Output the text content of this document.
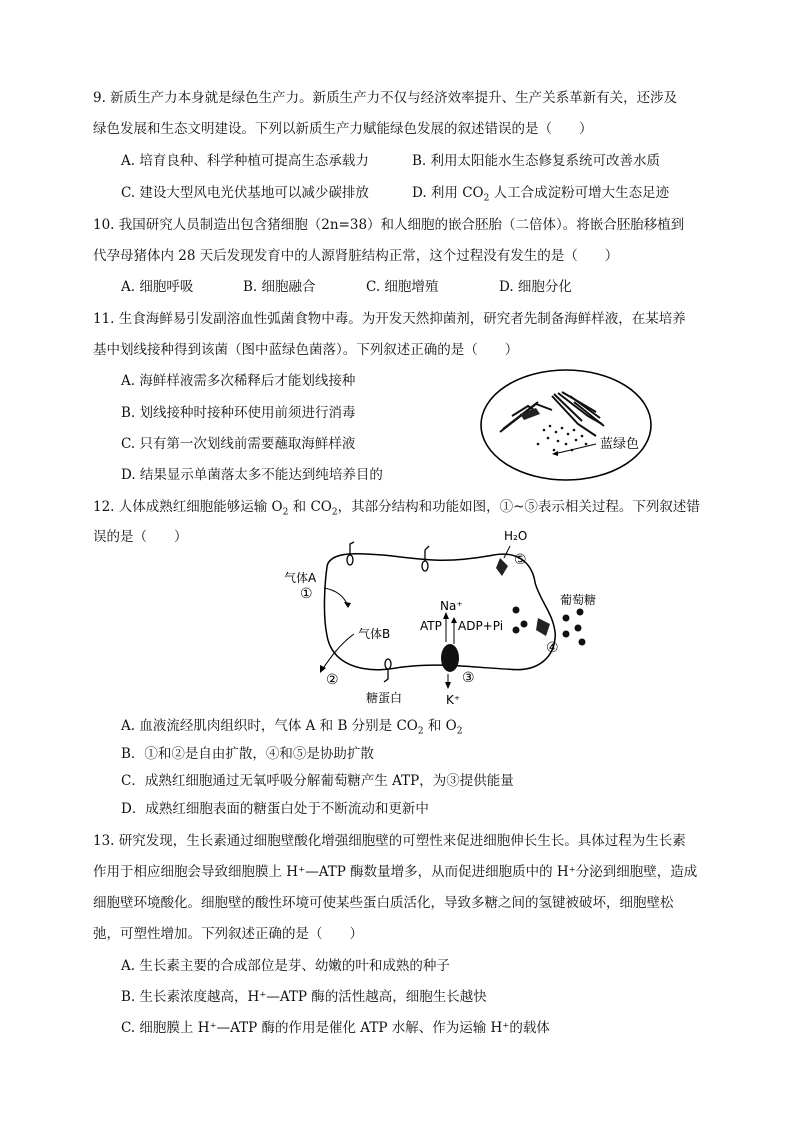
9. 新质生产力本身就是绿色生产力。新质生产力不仅与经济效率提升、生产关系革新有关，还涉及
绿色发展和生态文明建设。下列以新质生产力赋能绿色发展的叙述错误的是（　　）
A. 培育良种、科学种植可提高生态承载力	B. 利用太阳能水生态修复系统可改善水质
C. 建设大型风电光伏基地可以减少碳排放	D. 利用 $CO_2$ 人工合成淀粉可增大生态足迹
10. 我国研究人员制造出包含猪细胞（2n=38）和人细胞的嵌合胚胎（二倍体）。将嵌合胚胎移植到
代孕母猪体内 28 天后发现发育中的人源肾脏结构正常，这个过程没有发生的是（　　）
A. 细胞呼吸	B. 细胞融合	C. 细胞增殖	D. 细胞分化
11. 生食海鲜易引发副溶血性弧菌食物中毒。为开发天然抑菌剂，研究者先制备海鲜样液，在某培养
基中划线接种得到该菌（图中蓝绿色菌落）。下列叙述正确的是（　　）
A. 海鲜样液需多次稀释后才能划线接种
B. 划线接种时接种环使用前须进行消毒
C. 只有第一次划线前需要蘸取海鲜样液
D. 结果显示单菌落太多不能达到纯培养目的
蓝绿色
12. 人体成熟红细胞能够运输 $O_2$ 和 $CO_2$，其部分结构和功能如图，①~⑤表示相关过程。下列叙述错
误的是（　　）	H₂O
⑤
气体A
①
气体B
②
糖蛋白
Na⁺
ATP ADP+Pi
K⁺
③
葡萄糖
④
A. 血液流经肌肉组织时，气体 A 和 B 分别是 $CO_2$ 和 $O_2$
B．①和②是自由扩散，④和⑤是协助扩散
C．成熟红细胞通过无氧呼吸分解葡萄糖产生 ATP，为③提供能量
D．成熟红细胞表面的糖蛋白处于不断流动和更新中
13. 研究发现，生长素通过细胞壁酸化增强细胞壁的可塑性来促进细胞伸长生长。具体过程为生长素
作用于相应细胞会导致细胞膜上 H⁺—ATP 酶数量增多，从而促进细胞质中的 H⁺分泌到细胞壁，造成
细胞壁环境酸化。细胞壁的酸性环境可使某些蛋白质活化，导致多糖之间的氢键被破坏，细胞壁松
弛，可塑性增加。下列叙述正确的是（　　）
A. 生长素主要的合成部位是芽、幼嫩的叶和成熟的种子
B. 生长素浓度越高，H⁺—ATP 酶的活性越高，细胞生长越快
C. 细胞膜上 H⁺—ATP 酶的作用是催化 ATP 水解、作为运输 H⁺的载体
